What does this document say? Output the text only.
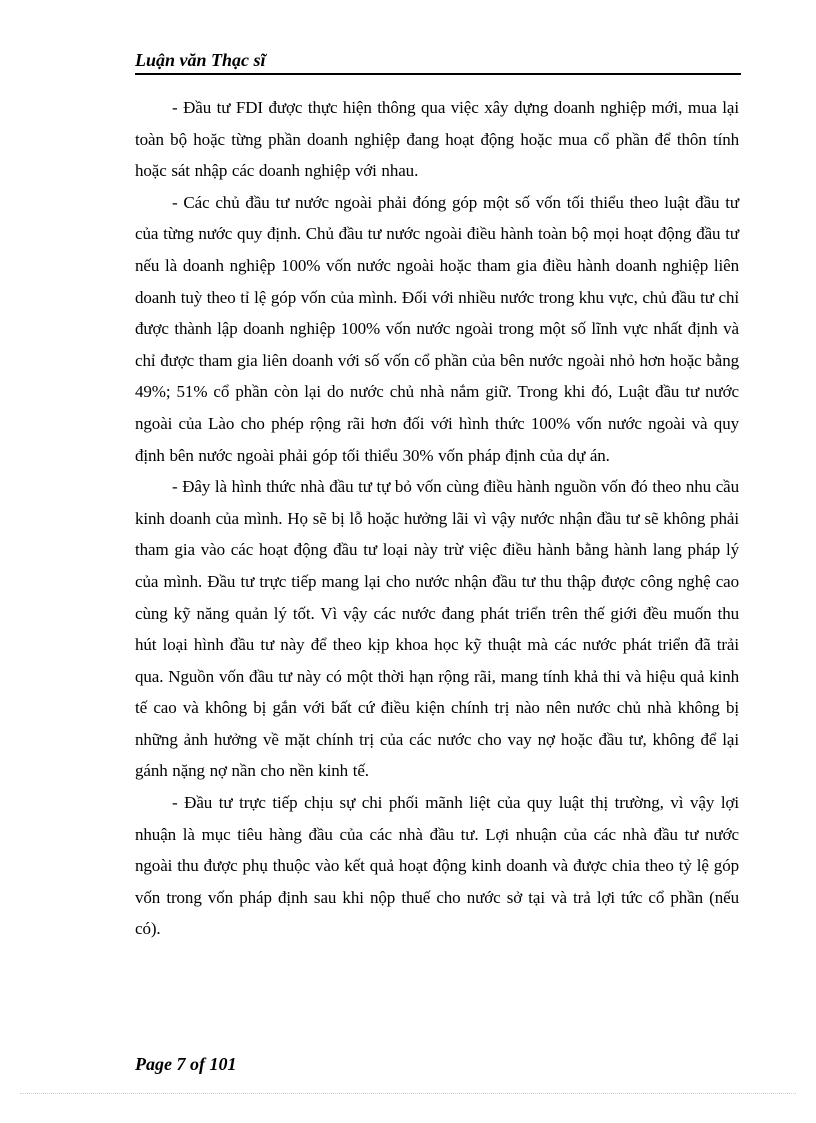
Luận văn Thạc sĩ

- Đầu tư FDI được thực hiện thông qua việc xây dựng doanh nghiệp mới, mua lại toàn bộ hoặc từng phần doanh nghiệp đang hoạt động hoặc mua cổ phần để thôn tính hoặc sát nhập các doanh nghiệp với nhau.

- Các chủ đầu tư nước ngoài phải đóng góp một số vốn tối thiểu theo luật đầu tư của từng nước quy định. Chủ đầu tư nước ngoài điều hành toàn bộ mọi hoạt động đầu tư nếu là doanh nghiệp 100% vốn nước ngoài hoặc tham gia điều hành doanh nghiệp liên doanh tuỳ theo tỉ lệ góp vốn của mình. Đối với nhiều nước trong khu vực, chủ đầu tư chỉ được thành lập doanh nghiệp 100% vốn nước ngoài trong một số lĩnh vực nhất định và chỉ được tham gia liên doanh với số vốn cổ phần của bên nước ngoài nhỏ hơn hoặc bằng 49%; 51% cổ phần còn lại do nước chủ nhà nắm giữ. Trong khi đó, Luật đầu tư nước ngoài của Lào cho phép rộng rãi hơn đối với hình thức 100% vốn nước ngoài và quy định bên nước ngoài phải góp tối thiểu 30% vốn pháp định của dự án.

- Đây là hình thức nhà đầu tư tự bỏ vốn cùng điều hành nguồn vốn đó theo nhu cầu kinh doanh của mình. Họ sẽ bị lỗ hoặc hưởng lãi vì vậy nước nhận đầu tư sẽ không phải tham gia vào các hoạt động đầu tư loại này trừ việc điều hành bằng hành lang pháp lý của mình. Đầu tư trực tiếp mang lại cho nước nhận đầu tư thu thập được công nghệ cao cùng kỹ năng quản lý tốt. Vì vậy các nước đang phát triển trên thế giới đều muốn thu hút loại hình đầu tư này để theo kịp khoa học kỹ thuật mà các nước phát triển đã trải qua. Nguồn vốn đầu tư này có một thời hạn rộng rãi, mang tính khả thi và hiệu quả kinh tế cao và không bị gắn với bất cứ điều kiện chính trị nào nên nước chủ nhà không bị những ảnh hưởng về mặt chính trị của các nước cho vay nợ hoặc đầu tư, không để lại gánh nặng nợ nần cho nền kinh tế.

- Đầu tư trực tiếp chịu sự chi phối mãnh liệt của quy luật thị trường, vì vậy lợi nhuận là mục tiêu hàng đầu của các nhà đầu tư. Lợi nhuận của các nhà đầu tư nước ngoài thu được phụ thuộc vào kết quả hoạt động kinh doanh và được chia theo tỷ lệ góp vốn trong vốn pháp định sau khi nộp thuế cho nước sở tại và trả lợi tức cổ phần (nếu có).

Page 7 of 101
